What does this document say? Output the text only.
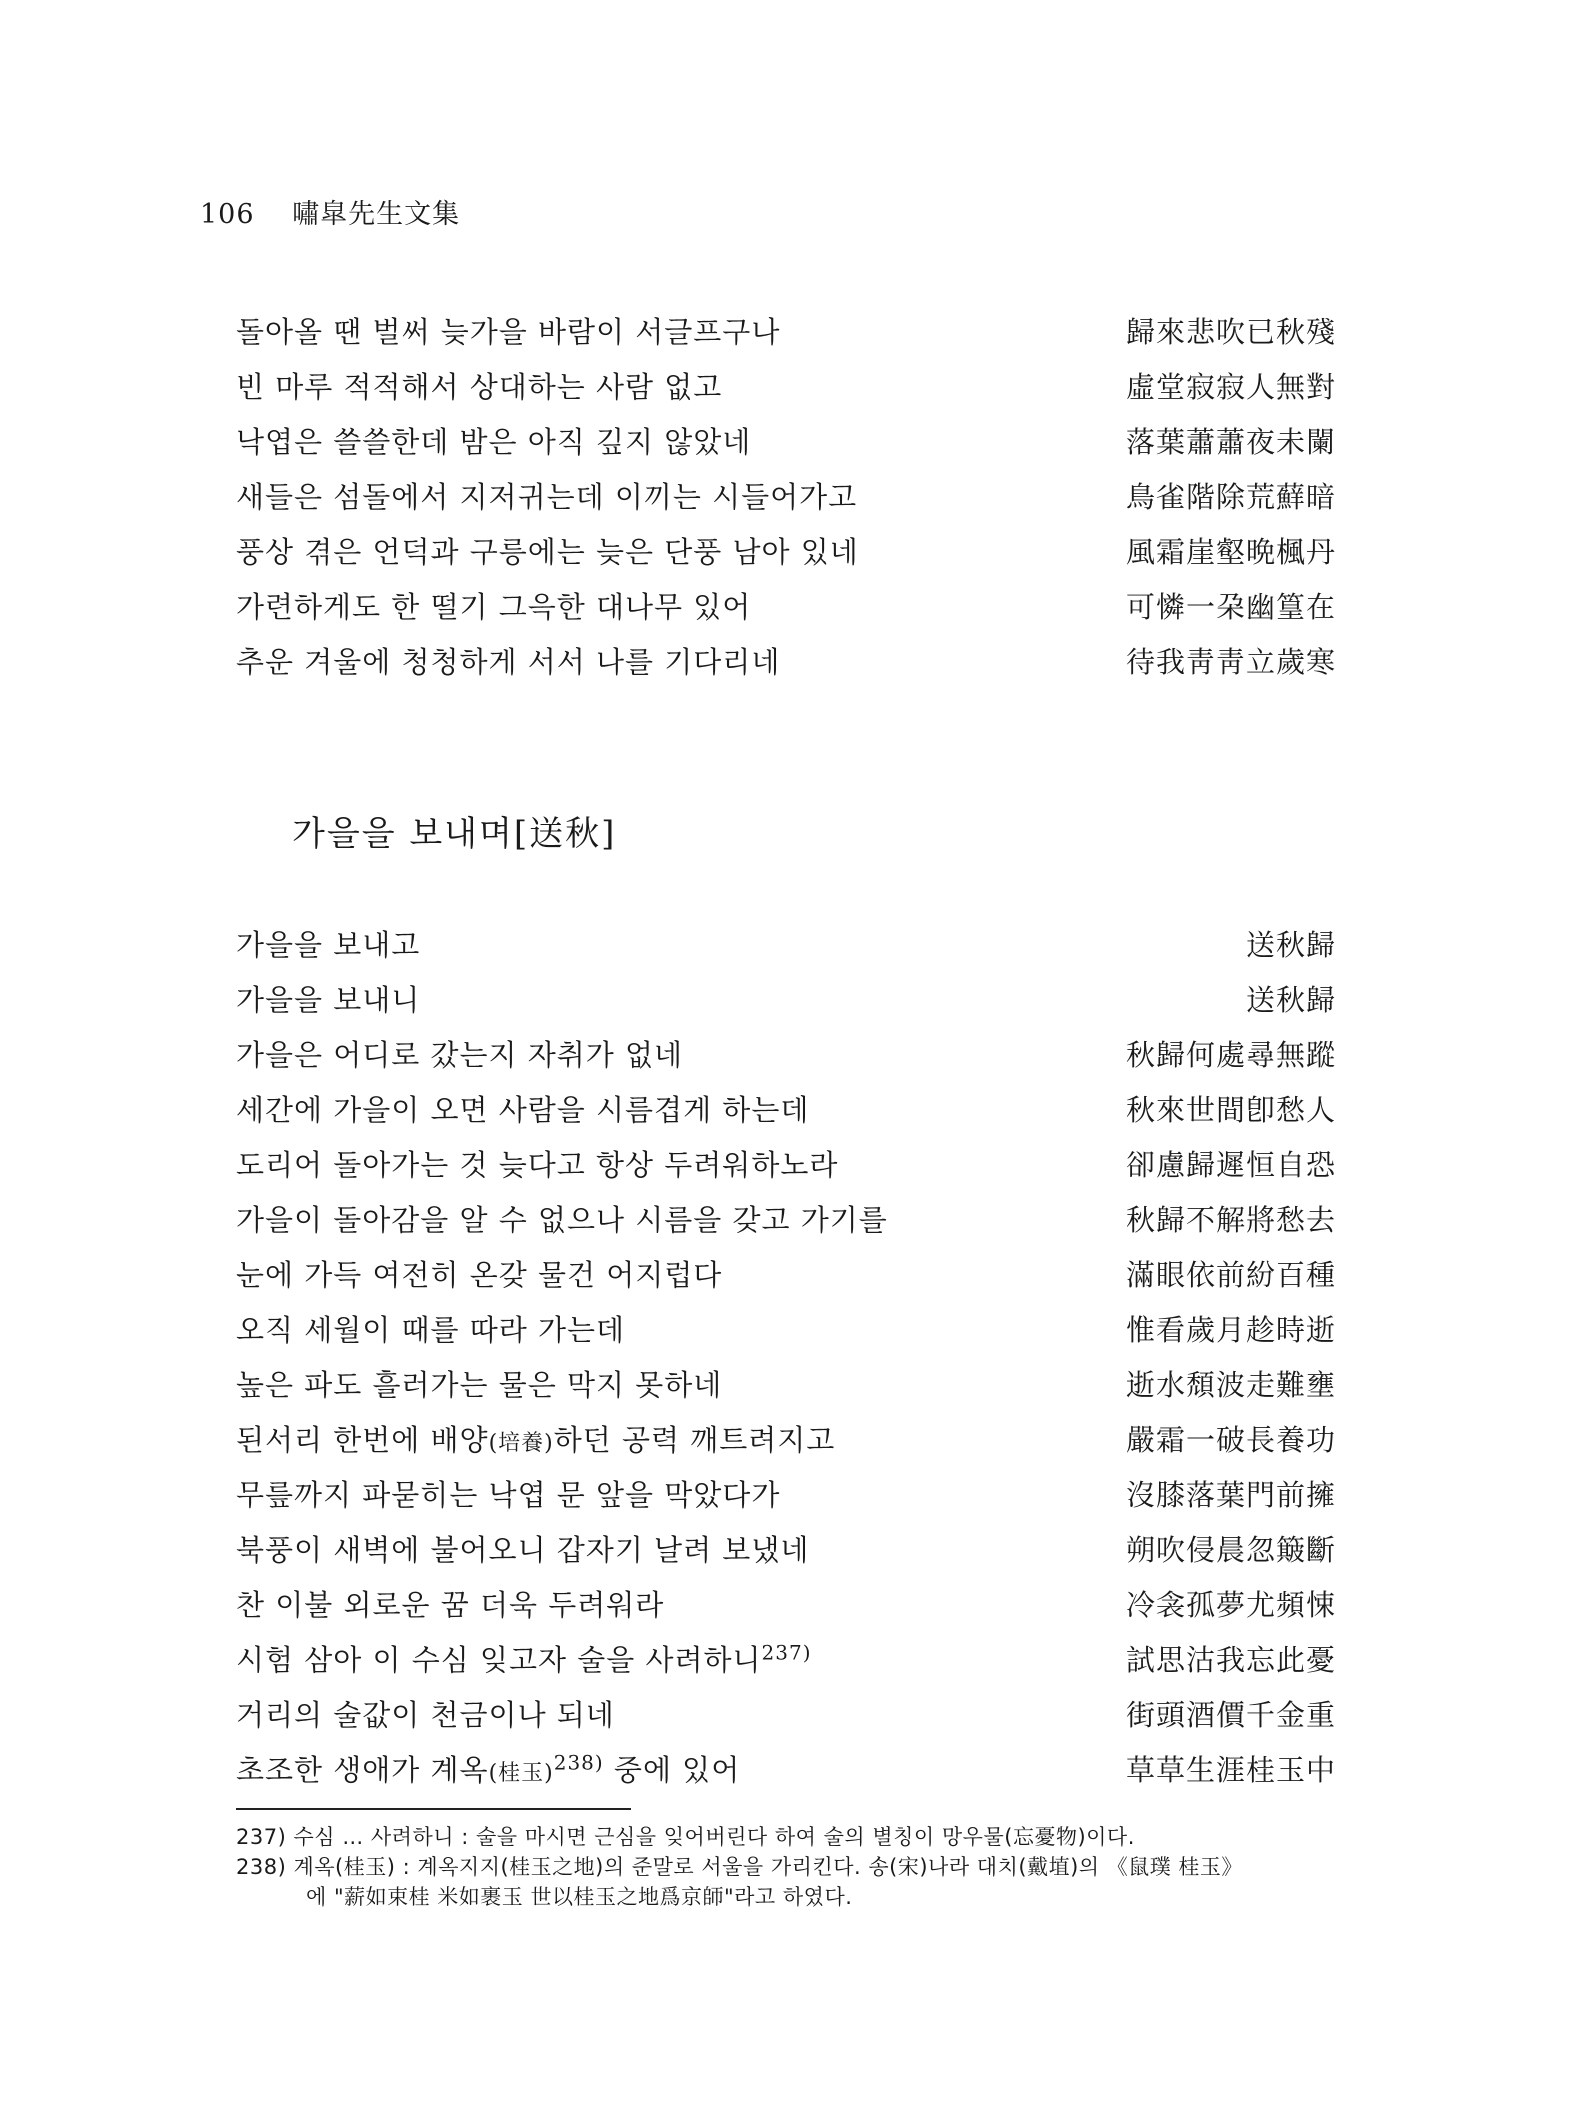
106 嘯皐先生文集
돌아올 땐 벌써 늦가을 바람이 서글프구나	歸來悲吹已秋殘
빈 마루 적적해서 상대하는 사람 없고	虛堂寂寂人無對
낙엽은 쓸쓸한데 밤은 아직 깊지 않았네	落葉蕭蕭夜未闌
새들은 섬돌에서 지저귀는데 이끼는 시들어가고	鳥雀階除荒蘚暗
풍상 겪은 언덕과 구릉에는 늦은 단풍 남아 있네	風霜崖壑晩楓丹
가련하게도 한 떨기 그윽한 대나무 있어	可憐一朶幽篁在
추운 겨울에 청청하게 서서 나를 기다리네	待我靑靑立歲寒
가을을 보내며[送秋]
가을을 보내고	送秋歸
가을을 보내니	送秋歸
가을은 어디로 갔는지 자취가 없네	秋歸何處尋無蹤
세간에 가을이 오면 사람을 시름겹게 하는데	秋來世間卽愁人
도리어 돌아가는 것 늦다고 항상 두려워하노라	卻慮歸遲恒自恐
가을이 돌아감을 알 수 없으나 시름을 갖고 가기를	秋歸不解將愁去
눈에 가득 여전히 온갖 물건 어지럽다	滿眼依前紛百種
오직 세월이 때를 따라 가는데	惟看歲月趁時逝
높은 파도 흘러가는 물은 막지 못하네	逝水頹波走難壅
된서리 한번에 배양(培養)하던 공력 깨트려지고	嚴霜一破長養功
무릎까지 파묻히는 낙엽 문 앞을 막았다가	沒膝落葉門前擁
북풍이 새벽에 불어오니 갑자기 날려 보냈네	朔吹侵晨忽簸斷
찬 이불 외로운 꿈 더욱 두려워라	冷衾孤夢尤頻悚
시험 삼아 이 수심 잊고자 술을 사려하니$^{237)}$	試思沽我忘此憂
거리의 술값이 천금이나 되네	街頭酒價千金重
초조한 생애가 계옥(桂玉)$^{238)}$ 중에 있어	草草生涯桂玉中
237) 수심 … 사려하니 : 술을 마시면 근심을 잊어버린다 하여 술의 별칭이 망우물(忘憂物)이다.
238) 계옥(桂玉) : 계옥지지(桂玉之地)의 준말로 서울을 가리킨다. 송(宋)나라 대치(戴埴)의 《鼠璞 桂玉》
에 "薪如束桂 米如裹玉 世以桂玉之地爲京師"라고 하였다.
